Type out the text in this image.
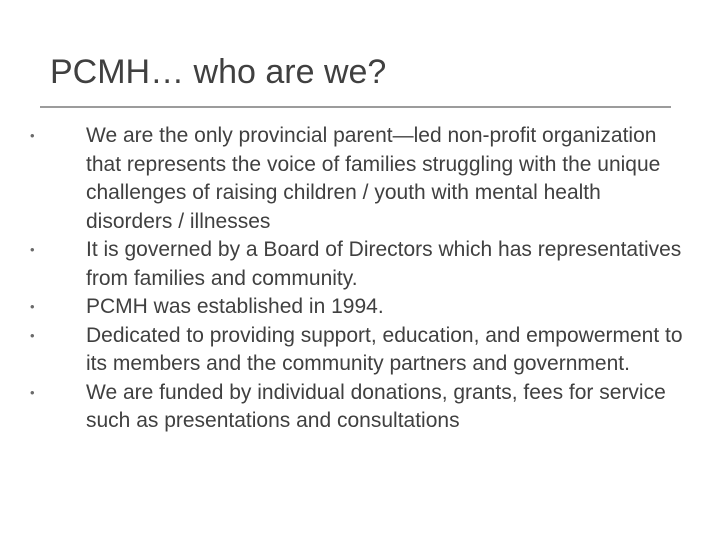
PCMH… who are we?
• We are the only provincial parent—led non-profit organization that represents the voice of families struggling with the unique challenges of raising children / youth with mental health disorders / illnesses
• It is governed by a Board of Directors which has representatives from families and community.
• PCMH was established in 1994.
• Dedicated to providing support, education, and empowerment to its members and the community partners and government.
• We are funded by individual donations, grants, fees for service such as presentations and consultations
